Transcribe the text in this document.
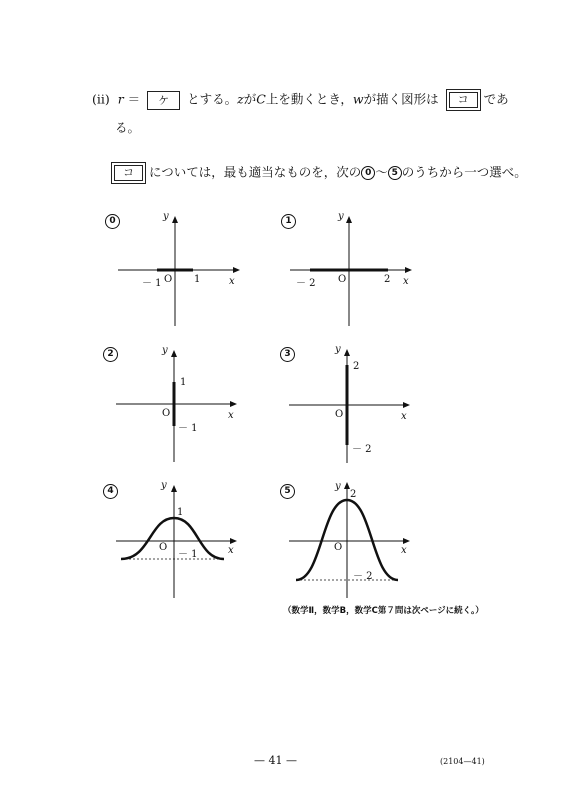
(ii) r ＝ ケ とする。zがC上を動くとき，wが描く図形は	コ	であ
る。
コ	については，最も適当なものを，次の 0 ～ 5 のうちから一つ選べ。
0	y
x
O
－ 1	1
1	y
x
O
－ 2	2
2	y
x
O
1
－ 1
3	y
x
O
2
－ 2
4	y
x
O
1
－ 1
5	y
x
O
2
－ 2
（数学Ⅱ，数学B，数学C第７問は次ページに続く。）
— 41 —	(2104—41)
